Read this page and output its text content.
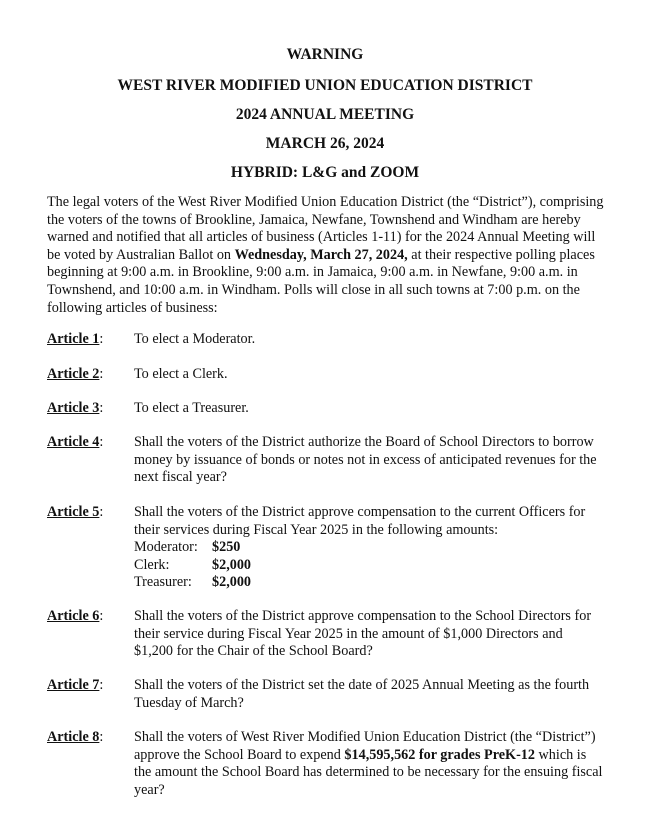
WARNING
WEST RIVER MODIFIED UNION EDUCATION DISTRICT
2024 ANNUAL MEETING
MARCH 26, 2024
HYBRID: L&G and ZOOM
The legal voters of the West River Modified Union Education District (the “District”), comprising the voters of the towns of Brookline, Jamaica, Newfane, Townshend and Windham are hereby warned and notified that all articles of business (Articles 1-11) for the 2024 Annual Meeting will be voted by Australian Ballot on Wednesday, March 27, 2024, at their respective polling places beginning at 9:00 a.m. in Brookline, 9:00 a.m. in Jamaica, 9:00 a.m. in Newfane, 9:00 a.m. in Townshend, and 10:00 a.m. in Windham. Polls will close in all such towns at 7:00 p.m. on the following articles of business:
Article 1: To elect a Moderator.
Article 2: To elect a Clerk.
Article 3: To elect a Treasurer.
Article 4: Shall the voters of the District authorize the Board of School Directors to borrow money by issuance of bonds or notes not in excess of anticipated revenues for the next fiscal year?
Article 5: Shall the voters of the District approve compensation to the current Officers for their services during Fiscal Year 2025 in the following amounts:
Moderator: $250
Clerk:	$2,000
Treasurer: $2,000
Article 6: Shall the voters of the District approve compensation to the School Directors for their service during Fiscal Year 2025 in the amount of $1,000 Directors and $1,200 for the Chair of the School Board?
Article 7: Shall the voters of the District set the date of 2025 Annual Meeting as the fourth Tuesday of March?
Article 8: Shall the voters of West River Modified Union Education District (the “District”) approve the School Board to expend $14,595,562 for grades PreK-12 which is the amount the School Board has determined to be necessary for the ensuing fiscal year?
